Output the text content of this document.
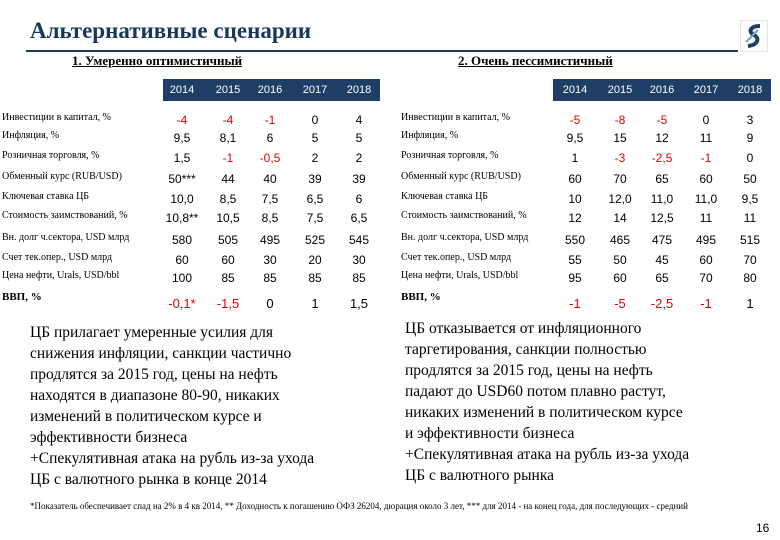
Альтернативные сценарии
1. Умеренно оптимистичный	2. Очень пессимистичный
2014	2015	2016	2017	2018	2014	2015	2016	2017	2018
Инвестиции в капитал, %	-4	-4	-1	0	4
Инфляция, %	9,5	8,1	6	5	5
Розничная торговля, %	1,5	-1	-0,5	2	2
Обменный курс (RUB/USD)	50***	44	40	39	39
Ключевая ставка ЦБ	10,0	8,5	7,5	6,5	6
Стоимость заимствований, %	10,8**	10,5	8,5	7,5	6,5
Вн. долг ч.сектора, USD млрд	580	505	495	525	545
Счет тек.опер., USD млрд	60	60	30	20	30
Цена нефти, Urals, USD/bbl	100	85	85	85	85
ВВП, %	-0,1*	-1,5	0	1	1,5
Инвестиции в капитал, %	-5	-8	-5	0	3
Инфляция, %	9,5	15	12	11	9
Розничная торговля, %	1	-3	-2,5	-1	0
Обменный курс (RUB/USD)	60	70	65	60	50
Ключевая ставка ЦБ	10	12,0	11,0	11,0	9,5
Стоимость заимствований, %	12	14	12,5	11	11
Вн. долг ч.сектора, USD млрд	550	465	475	495	515
Счет тек.опер., USD млрд	55	50	45	60	70
Цена нефти, Urals, USD/bbl	95	60	65	70	80
ВВП, %	-1	-5	-2,5	-1	1
ЦБ прилагает умеренные усилия для
снижения инфляции, санкции частично
продлятся за 2015 год, цены на нефть
находятся в диапазоне 80-90, никаких
изменений в политическом курсе и
эффективности бизнеса
+Спекулятивная атака на рубль из-за ухода
ЦБ с валютного рынка в конце 2014
ЦБ отказывается от инфляционного
таргетирования, санкции полностью
продлятся за 2015 год, цены на нефть
падают до USD60 потом плавно растут,
никаких изменений в политическом курсе
и эффективности бизнеса
+Спекулятивная атака на рубль из-за ухода
ЦБ с валютного рынка
*Показатель обеспечивает спад на 2% в 4 кв 2014, ** Доходность к погашению ОФЗ 26204, дюрация около 3 лет, *** для 2014 - на конец года, для последующих - средний
16
